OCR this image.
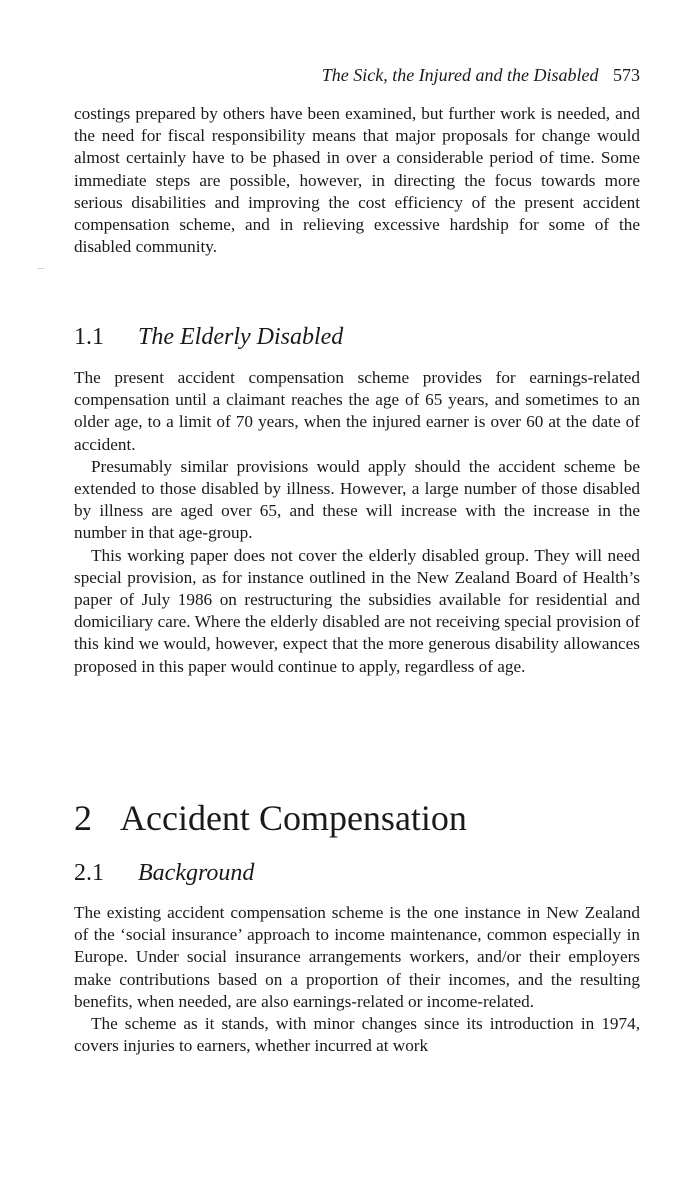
The Sick, the Injured and the Disabled 573

costings prepared by others have been examined, but further work is needed, and the need for fiscal responsibility means that major proposals for change would almost certainly have to be phased in over a considerable period of time. Some immediate steps are possible, however, in directing the focus towards more serious disabilities and improving the cost efficiency of the present accident compensation scheme, and in relieving excessive hardship for some of the disabled community.

1.1 The Elderly Disabled

The present accident compensation scheme provides for earnings-related compensation until a claimant reaches the age of 65 years, and sometimes to an older age, to a limit of 70 years, when the injured earner is over 60 at the date of accident.

Presumably similar provisions would apply should the accident scheme be extended to those disabled by illness. However, a large number of those disabled by illness are aged over 65, and these will increase with the increase in the number in that age-group.

This working paper does not cover the elderly disabled group. They will need special provision, as for instance outlined in the New Zealand Board of Health’s paper of July 1986 on restructuring the subsidies available for residential and domiciliary care. Where the elderly disabled are not receiving special provision of this kind we would, however, expect that the more generous disability allowances proposed in this paper would continue to apply, regardless of age.

2 Accident Compensation
2.1 Background

The existing accident compensation scheme is the one instance in New Zealand of the ‘social insurance’ approach to income maintenance, common especially in Europe. Under social insurance arrangements workers, and/or their employers make contributions based on a proportion of their incomes, and the resulting benefits, when needed, are also earnings-related or income-related.

The scheme as it stands, with minor changes since its introduction in 1974, covers injuries to earners, whether incurred at work
